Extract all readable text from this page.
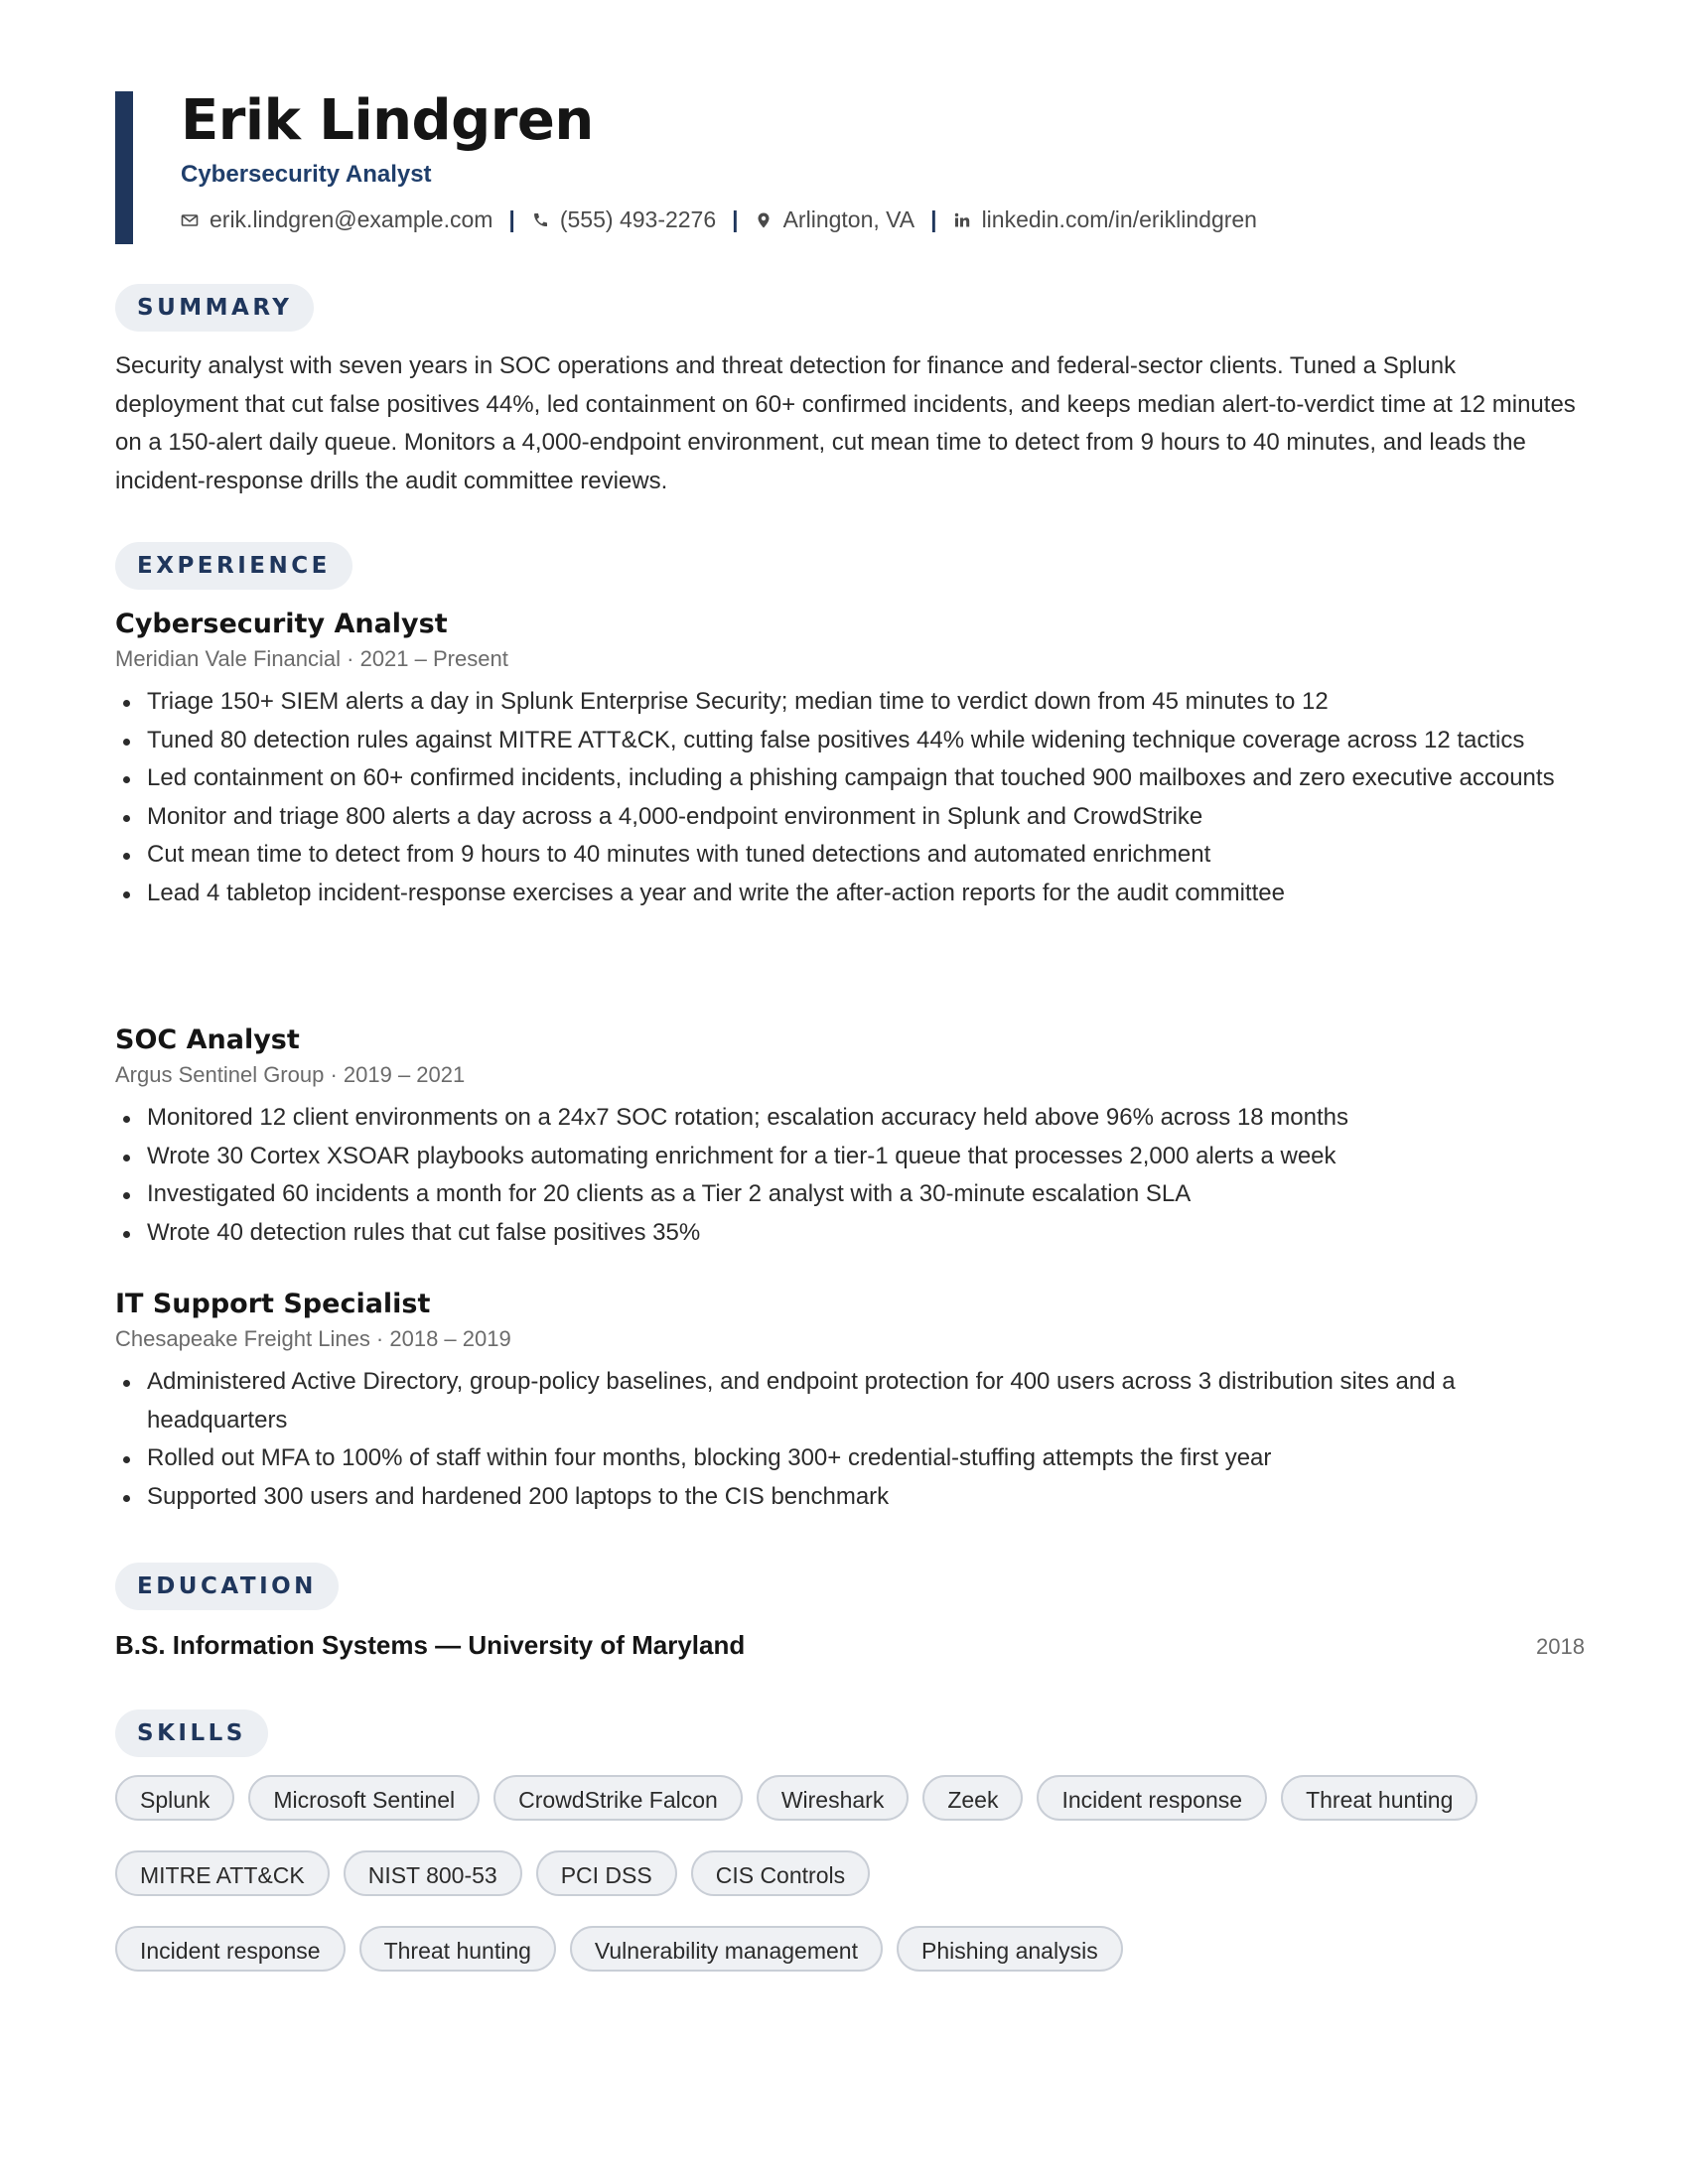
Erik Lindgren
Cybersecurity Analyst
erik.lindgren@example.com | (555) 493-2276 | Arlington, VA | linkedin.com/in/eriklindgren
SUMMARY
Security analyst with seven years in SOC operations and threat detection for finance and federal-sector clients. Tuned a Splunk deployment that cut false positives 44%, led containment on 60+ confirmed incidents, and keeps median alert-to-verdict time at 12 minutes on a 150-alert daily queue. Monitors a 4,000-endpoint environment, cut mean time to detect from 9 hours to 40 minutes, and leads the incident-response drills the audit committee reviews.
EXPERIENCE
Cybersecurity Analyst
Meridian Vale Financial · 2021 – Present
Triage 150+ SIEM alerts a day in Splunk Enterprise Security; median time to verdict down from 45 minutes to 12
Tuned 80 detection rules against MITRE ATT&CK, cutting false positives 44% while widening technique coverage across 12 tactics
Led containment on 60+ confirmed incidents, including a phishing campaign that touched 900 mailboxes and zero executive accounts
Monitor and triage 800 alerts a day across a 4,000-endpoint environment in Splunk and CrowdStrike
Cut mean time to detect from 9 hours to 40 minutes with tuned detections and automated enrichment
Lead 4 tabletop incident-response exercises a year and write the after-action reports for the audit committee
SOC Analyst
Argus Sentinel Group · 2019 – 2021
Monitored 12 client environments on a 24x7 SOC rotation; escalation accuracy held above 96% across 18 months
Wrote 30 Cortex XSOAR playbooks automating enrichment for a tier-1 queue that processes 2,000 alerts a week
Investigated 60 incidents a month for 20 clients as a Tier 2 analyst with a 30-minute escalation SLA
Wrote 40 detection rules that cut false positives 35%
IT Support Specialist
Chesapeake Freight Lines · 2018 – 2019
Administered Active Directory, group-policy baselines, and endpoint protection for 400 users across 3 distribution sites and a headquarters
Rolled out MFA to 100% of staff within four months, blocking 300+ credential-stuffing attempts the first year
Supported 300 users and hardened 200 laptops to the CIS benchmark
EDUCATION
B.S. Information Systems — University of Maryland	2018
SKILLS
Splunk	Microsoft Sentinel	CrowdStrike Falcon	Wireshark	Zeek	Incident response	Threat hunting
MITRE ATT&CK	NIST 800-53	PCI DSS	CIS Controls
Incident response	Threat hunting	Vulnerability management	Phishing analysis
